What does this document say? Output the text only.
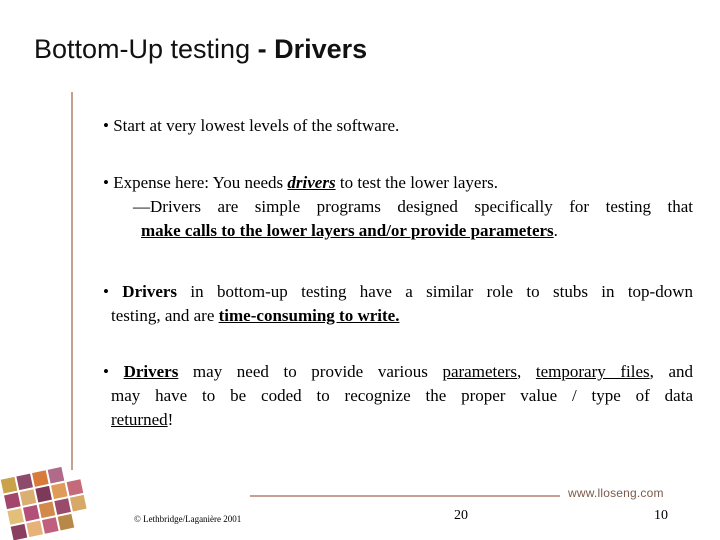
Bottom-Up testing - Drivers

• Start at very lowest levels of the software.

• Expense here: You needs drivers to test the lower layers.
—Drivers are simple programs designed specifically for testing that
make calls to the lower layers and/or provide parameters.

• Drivers in bottom-up testing have a similar role to stubs in top-down
testing, and are time-consuming to write.

• Drivers may need to provide various parameters, temporary files, and
may have to be coded to recognize the proper value / type of data
returned!

www.lloseng.com
© Lethbridge/Laganière 2001	20	10
